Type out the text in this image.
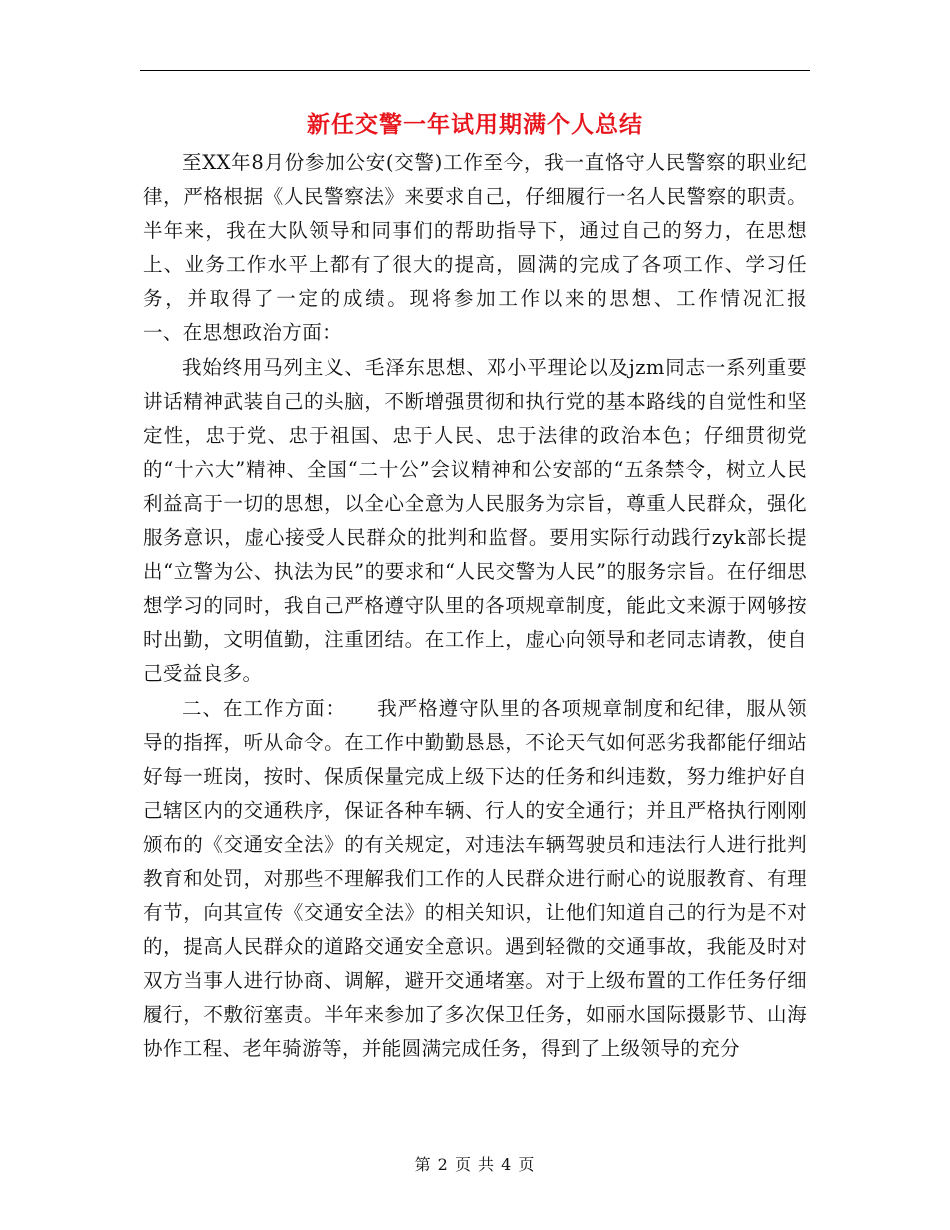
新任交警一年试用期满个人总结

至XX年8月份参加公安(交警)工作至今，我一直恪守人民警察的职业纪律，严格根据《人民警察法》来要求自己，仔细履行一名人民警察的职责。半年来，我在大队领导和同事们的帮助指导下，通过自己的努力，在思想上、业务工作水平上都有了很大的提高，圆满的完成了各项工作、学习任务，并取得了一定的成绩。现将参加工作以来的思想、工作情况汇报　　一、在思想政治方面：

我始终用马列主义、毛泽东思想、邓小平理论以及jzm同志一系列重要讲话精神武装自己的头脑，不断增强贯彻和执行党的基本路线的自觉性和坚定性，忠于党、忠于祖国、忠于人民、忠于法律的政治本色；仔细贯彻党的“十六大”精神、全国“二十公”会议精神和公安部的“五条禁令，树立人民利益高于一切的思想，以全心全意为人民服务为宗旨，尊重人民群众，强化服务意识，虚心接受人民群众的批判和监督。要用实际行动践行zyk部长提出“立警为公、执法为民”的要求和“人民交警为人民”的服务宗旨。在仔细思想学习的同时，我自己严格遵守队里的各项规章制度，能此文来源于网够按时出勤，文明值勤，注重团结。在工作上，虚心向领导和老同志请教，使自己受益良多。

二、在工作方面：　　我严格遵守队里的各项规章制度和纪律，服从领导的指挥，听从命令。在工作中勤勤恳恳，不论天气如何恶劣我都能仔细站好每一班岗，按时、保质保量完成上级下达的任务和纠违数，努力维护好自己辖区内的交通秩序，保证各种车辆、行人的安全通行；并且严格执行刚刚颁布的《交通安全法》的有关规定，对违法车辆驾驶员和违法行人进行批判教育和处罚，对那些不理解我们工作的人民群众进行耐心的说服教育、有理有节，向其宣传《交通安全法》的相关知识，让他们知道自己的行为是不对的，提高人民群众的道路交通安全意识。遇到轻微的交通事故，我能及时对双方当事人进行协商、调解，避开交通堵塞。对于上级布置的工作任务仔细履行，不敷衍塞责。半年来参加了多次保卫任务，如丽水国际摄影节、山海协作工程、老年骑游等，并能圆满完成任务，得到了上级领导的充分

第 2 页 共 4 页
